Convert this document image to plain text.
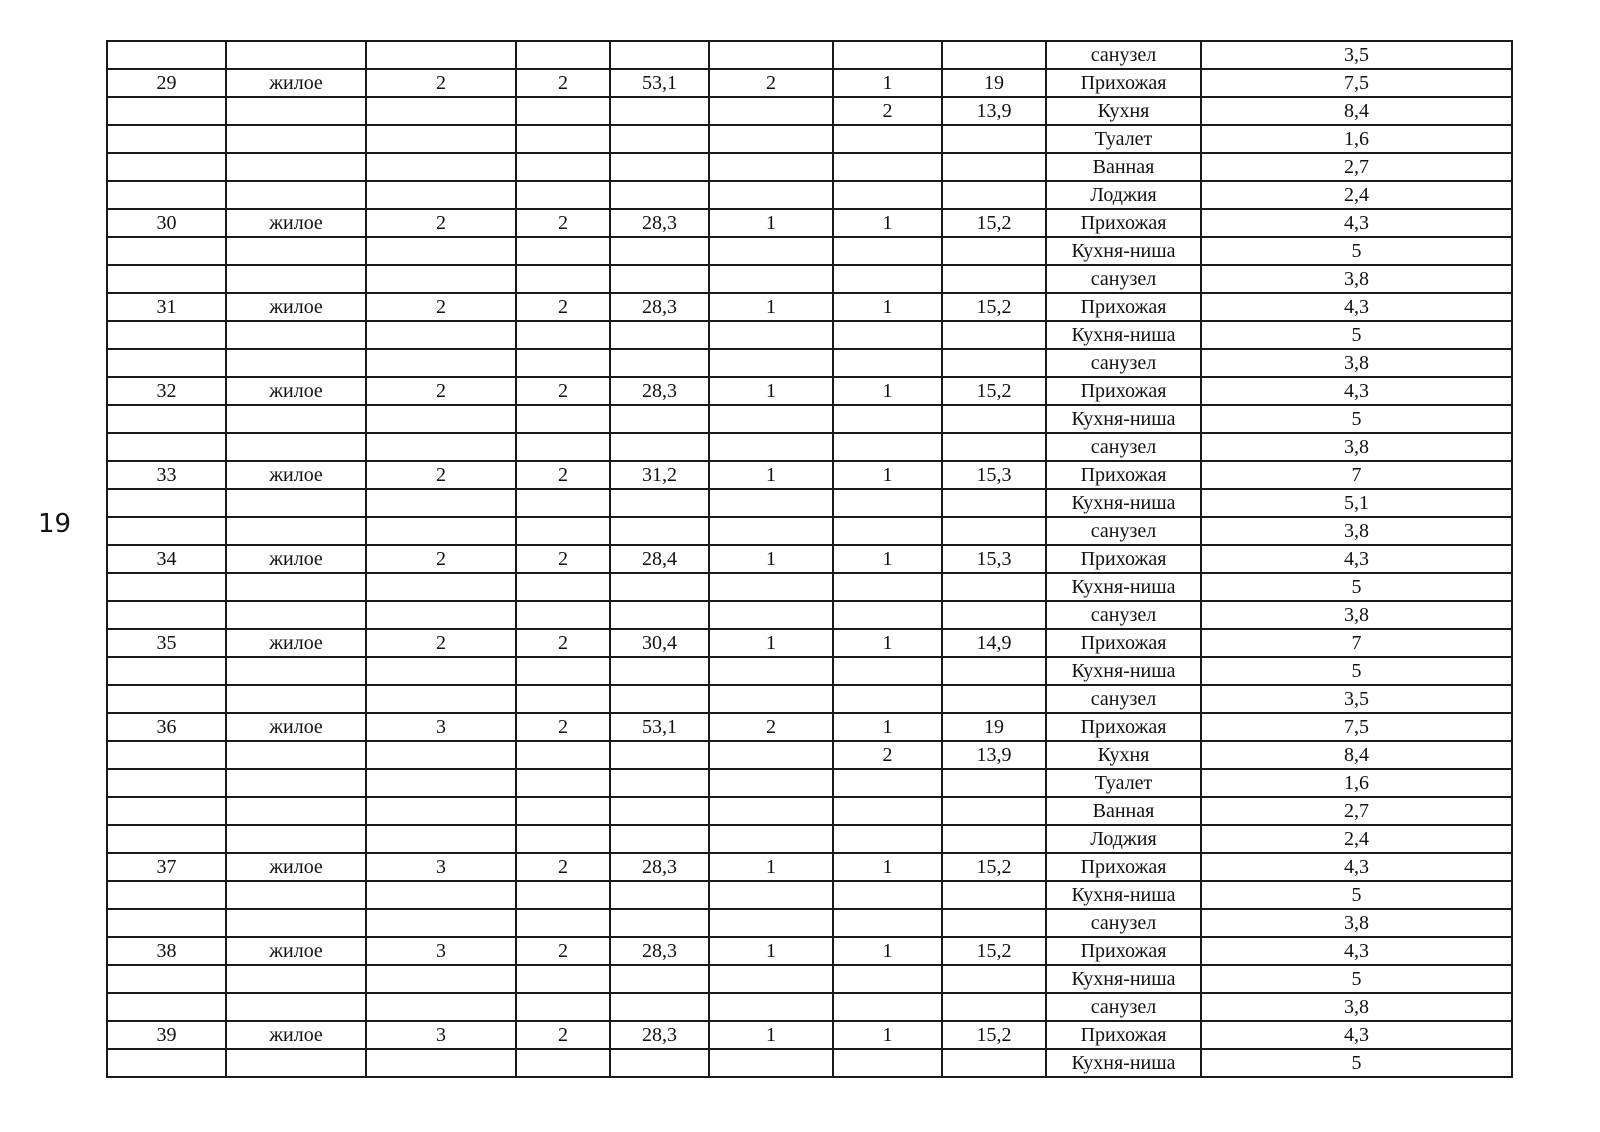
19
								санузел	3,5
29	жилое	2	2	53,1	2	1	19	Прихожая	7,5
						2	13,9	Кухня	8,4
								Туалет	1,6
								Ванная	2,7
								Лоджия	2,4
30	жилое	2	2	28,3	1	1	15,2	Прихожая	4,3
								Кухня-ниша	5
								санузел	3,8
31	жилое	2	2	28,3	1	1	15,2	Прихожая	4,3
								Кухня-ниша	5
								санузел	3,8
32	жилое	2	2	28,3	1	1	15,2	Прихожая	4,3
								Кухня-ниша	5
								санузел	3,8
33	жилое	2	2	31,2	1	1	15,3	Прихожая	7
								Кухня-ниша	5,1
								санузел	3,8
34	жилое	2	2	28,4	1	1	15,3	Прихожая	4,3
								Кухня-ниша	5
								санузел	3,8
35	жилое	2	2	30,4	1	1	14,9	Прихожая	7
								Кухня-ниша	5
								санузел	3,5
36	жилое	3	2	53,1	2	1	19	Прихожая	7,5
						2	13,9	Кухня	8,4
								Туалет	1,6
								Ванная	2,7
								Лоджия	2,4
37	жилое	3	2	28,3	1	1	15,2	Прихожая	4,3
								Кухня-ниша	5
								санузел	3,8
38	жилое	3	2	28,3	1	1	15,2	Прихожая	4,3
								Кухня-ниша	5
								санузел	3,8
39	жилое	3	2	28,3	1	1	15,2	Прихожая	4,3
								Кухня-ниша	5
